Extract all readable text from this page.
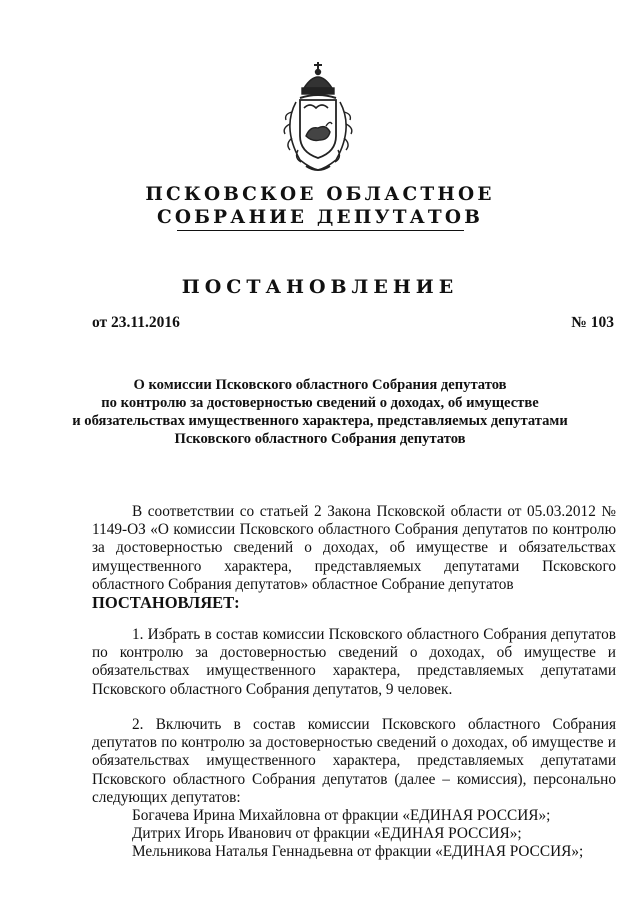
ПСКОВСКОЕ ОБЛАСТНОЕ
СОБРАНИЕ ДЕПУТАТОВ
ПОСТАНОВЛЕНИЕ
от 23.11.2016	№ 103
О комиссии Псковского областного Собрания депутатов
по контролю за достоверностью сведений о доходах, об имуществе
и обязательствах имущественного характера, представляемых депутатами
Псковского областного Собрания депутатов
В соответствии со статьей 2 Закона Псковской области от 05.03.2012 № 1149-ОЗ «О комиссии Псковского областного Собрания депутатов по контролю за достоверностью сведений о доходах, об имуществе и обязательствах имущественного характера, представляемых депутатами Псковского областного Собрания депутатов» областное Собрание депутатов
ПОСТАНОВЛЯЕТ:
1. Избрать в состав комиссии Псковского областного Собрания депутатов по контролю за достоверностью сведений о доходах, об имуществе и обязательствах имущественного характера, представляемых депутатами Псковского областного Собрания депутатов, 9 человек.
2. Включить в состав комиссии Псковского областного Собрания депутатов по контролю за достоверностью сведений о доходах, об имуществе и обязательствах имущественного характера, представляемых депутатами Псковского областного Собрания депутатов (далее – комиссия), персонально следующих депутатов:
Богачева Ирина Михайловна от фракции «ЕДИНАЯ РОССИЯ»;
Дитрих Игорь Иванович от фракции «ЕДИНАЯ РОССИЯ»;
Мельникова Наталья Геннадьевна от фракции «ЕДИНАЯ РОССИЯ»;
